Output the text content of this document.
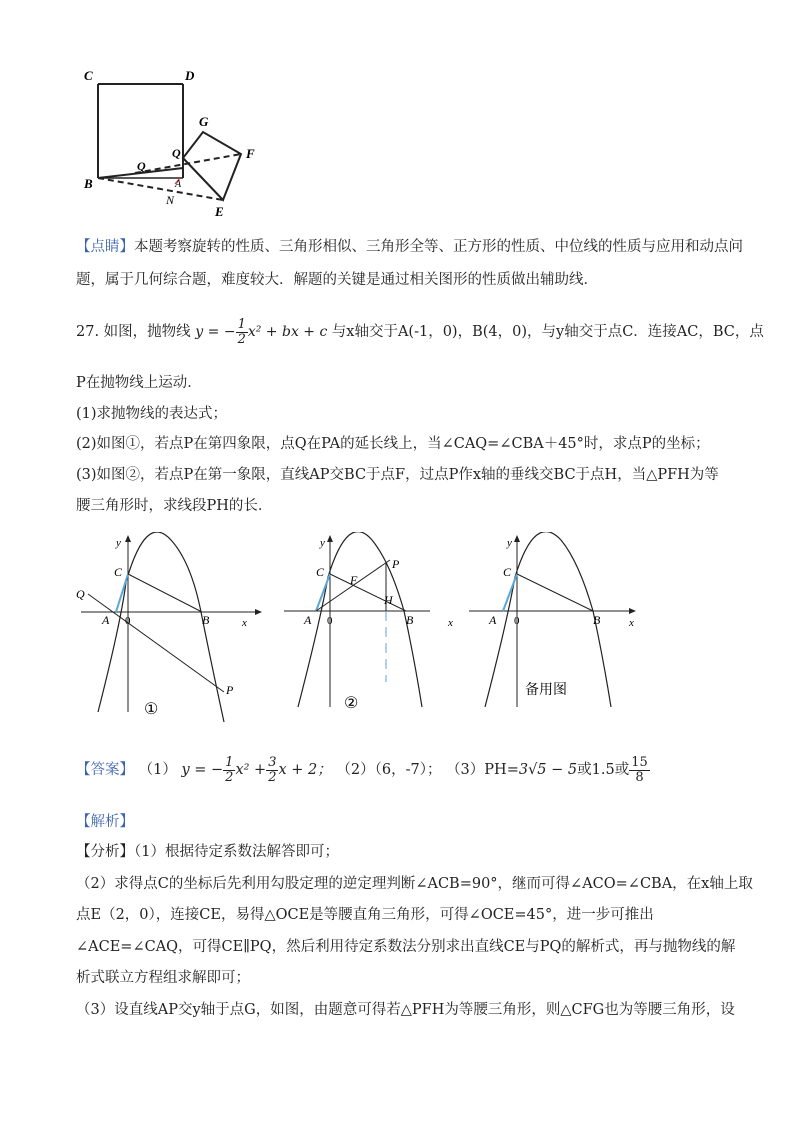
C	D
G
F
Q
Q
B	A
N
E
【点睛】本题考察旋转的性质、三角形相似、三角形全等、正方形的性质、中位线的性质与应用和动点问
题，属于几何综合题，难度较大．解题的关键是通过相关图形的性质做出辅助线．
27. 如图，抛物线 y = − $\frac{1}{2} x^2$ + bx + c 与x轴交于A(-1，0)，B(4，0)，与y轴交于点C．连接AC，BC，点
P在抛物线上运动．
(1)求抛物线的表达式；
(2)如图①，若点P在第四象限，点Q在PA的延长线上，当∠CAQ=∠CBA＋45°时，求点P的坐标；
(3)如图②，若点P在第一象限，直线AP交BC于点F，过点P作x轴的垂线交BC于点H，当△PFH为等
腰三角形时，求线段PH的长．
y
x
C
Q
A 0	B
P
①
y
x
C
F
P
H
A 0	B
②
y
x
C
A 0	B
备用图
【答案】 （1） y = − $\frac{1}{2} x^2 + \frac{3}{2}$ x + 2； （2）（6，-7）； （3）PH=3√5 − 5或1.5或 $\frac{15}{8}$
【解析】
【分析】（1）根据待定系数法解答即可；
（2）求得点C的坐标后先利用勾股定理的逆定理判断∠ACB=90°，继而可得∠ACO=∠CBA，在x轴上取
点E（2，0），连接CE，易得△OCE是等腰直角三角形，可得∠OCE=45°，进一步可推出
∠ACE=∠CAQ，可得CE∥PQ，然后利用待定系数法分别求出直线CE与PQ的解析式，再与抛物线的解
析式联立方程组求解即可；
（3）设直线AP交y轴于点G，如图，由题意可得若△PFH为等腰三角形，则△CFG也为等腰三角形，设
